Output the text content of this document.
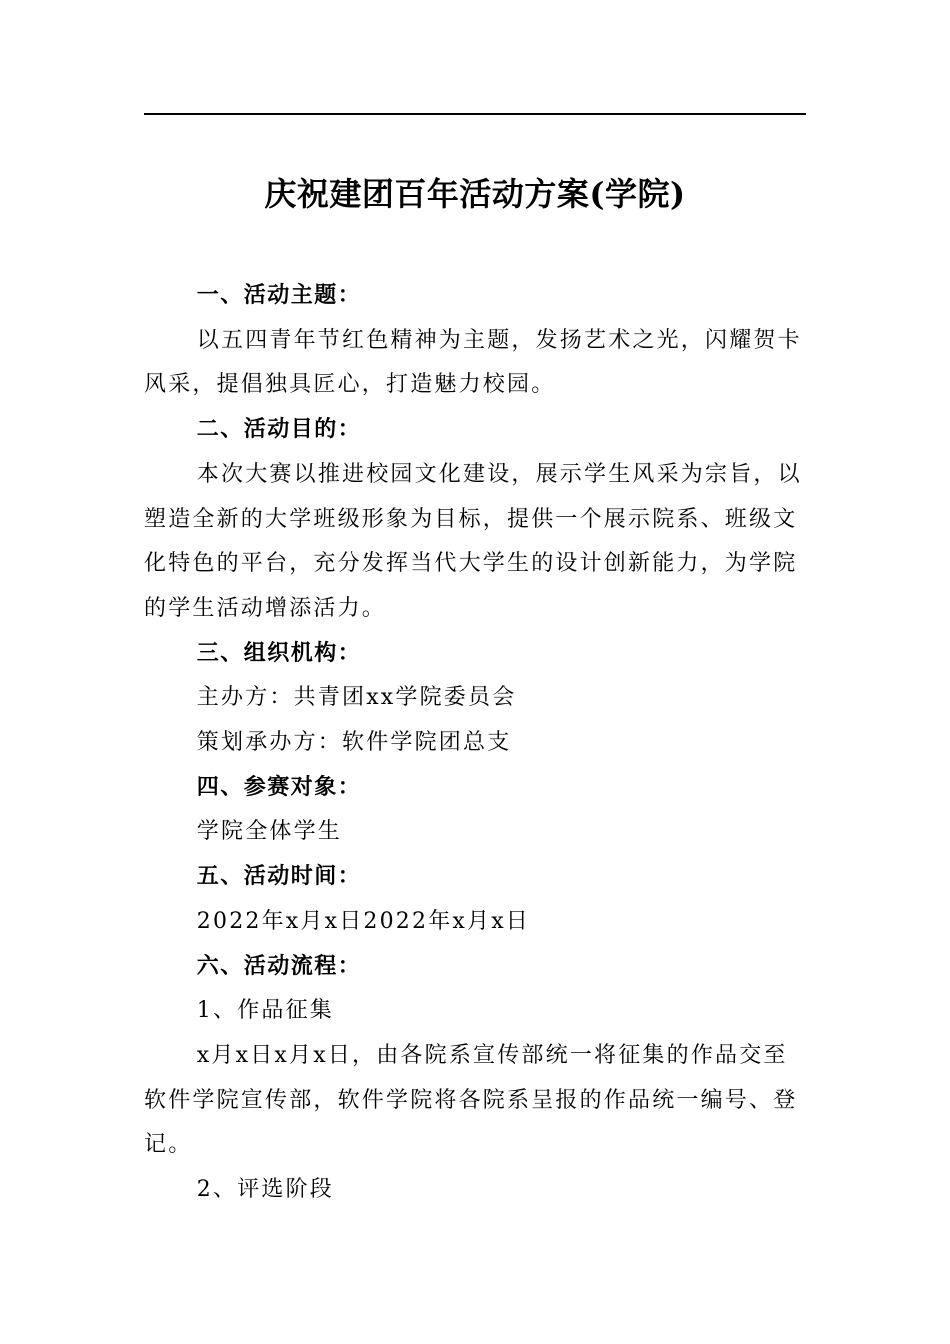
庆祝建团百年活动方案(学院)

一、活动主题：

以五四青年节红色精神为主题，发扬艺术之光，闪耀贺卡风采，提倡独具匠心，打造魅力校园。

二、活动目的：

本次大赛以推进校园文化建设，展示学生风采为宗旨，以塑造全新的大学班级形象为目标，提供一个展示院系、班级文化特色的平台，充分发挥当代大学生的设计创新能力，为学院的学生活动增添活力。

三、组织机构：

主办方：共青团xx学院委员会

策划承办方：软件学院团总支

四、参赛对象：

学院全体学生

五、活动时间：

2022年x月x日2022年x月x日

六、活动流程：

1、作品征集

x月x日x月x日，由各院系宣传部统一将征集的作品交至软件学院宣传部，软件学院将各院系呈报的作品统一编号、登记。

2、评选阶段
